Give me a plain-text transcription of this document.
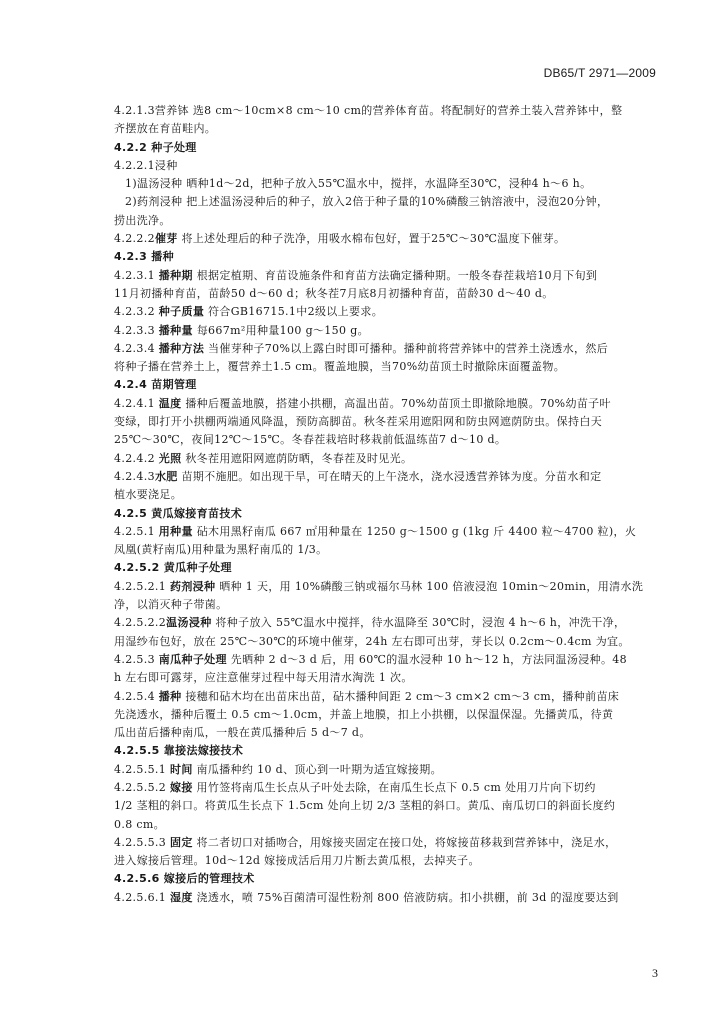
DB65/T 2971—2009

4.2.1.3营养钵 选8 cm～10cm×8 cm～10 cm的营养体育苗。将配制好的营养土装入营养钵中，整

齐摆放在育苗畦内。

4.2.2 种子处理

4.2.2.1浸种

1)温汤浸种 晒种1d～2d，把种子放入55℃温水中，搅拌，水温降至30℃，浸种4 h～6 h。

2)药剂浸种 把上述温汤浸种后的种子，放入2倍于种子量的10%磷酸三钠溶液中，浸泡20分钟，

捞出洗净。

4.2.2.2催芽 将上述处理后的种子洗净，用吸水棉布包好，置于25℃～30℃温度下催芽。

4.2.3 播种

4.2.3.1 播种期 根据定植期、育苗设施条件和育苗方法确定播种期。一般冬春茬栽培10月下旬到

11月初播种育苗，苗龄50 d～60 d；秋冬茬7月底8月初播种育苗，苗龄30 d～40 d。

4.2.3.2 种子质量 符合GB16715.1中2级以上要求。

4.2.3.3 播种量 每667m²用种量100 g～150 g。

4.2.3.4 播种方法 当催芽种子70%以上露白时即可播种。播种前将营养钵中的营养土浇透水，然后

将种子播在营养土上，覆营养土1.5 cm。覆盖地膜，当70%幼苗顶土时撤除床面覆盖物。

4.2.4 苗期管理

4.2.4.1 温度 播种后覆盖地膜，搭建小拱棚，高温出苗。70%幼苗顶土即撤除地膜。70%幼苗子叶

变绿，即打开小拱棚两端通风降温，预防高脚苗。秋冬茬采用遮阳网和防虫网遮荫防虫。保持白天

25℃～30℃，夜间12℃～15℃。冬春茬栽培时移栽前低温练苗7 d～10 d。

4.2.4.2 光照 秋冬茬用遮阳网遮荫防晒，冬春茬及时见光。

4.2.4.3水肥 苗期不施肥。如出现干旱，可在晴天的上午浇水，浇水浸透营养钵为度。分苗水和定

植水要浇足。

4.2.5 黄瓜嫁接育苗技术

4.2.5.1 用种量 砧木用黑籽南瓜 667 ㎡用种量在 1250 g～1500 g (1kg 斤 4400 粒～4700 粒)，火

凤凰(黄籽南瓜)用种量为黑籽南瓜的 1/3。

4.2.5.2 黄瓜种子处理

4.2.5.2.1 药剂浸种 晒种 1 天，用 10%磷酸三钠或福尔马林 100 倍液浸泡 10min～20min，用清水洗

净，以消灭种子带菌。

4.2.5.2.2温汤浸种 将种子放入 55℃温水中搅拌，待水温降至 30℃时，浸泡 4 h～6 h，冲洗干净，

用湿纱布包好，放在 25℃～30℃的环境中催芽，24h 左右即可出芽，芽长以 0.2cm～0.4cm 为宜。

4.2.5.3 南瓜种子处理 先晒种 2 d～3 d 后，用 60℃的温水浸种 10 h～12 h，方法同温汤浸种。48

h 左右即可露芽，应注意催芽过程中每天用清水淘洗 1 次。

4.2.5.4 播种 接穗和砧木均在出苗床出苗，砧木播种间距 2 cm～3 cm×2 cm～3 cm，播种前苗床

先浇透水，播种后覆土 0.5 cm～1.0cm，并盖上地膜，扣上小拱棚，以保温保湿。先播黄瓜，待黄

瓜出苗后播种南瓜，一般在黄瓜播种后 5 d～7 d。

4.2.5.5 靠接法嫁接技术

4.2.5.5.1 时间 南瓜播种约 10 d、顶心到一叶期为适宜嫁接期。

4.2.5.5.2 嫁接 用竹签将南瓜生长点从子叶处去除，在南瓜生长点下 0.5 cm 处用刀片向下切约

1/2 茎粗的斜口。将黄瓜生长点下 1.5cm 处向上切 2/3 茎粗的斜口。黄瓜、南瓜切口的斜面长度约

0.8 cm。

4.2.5.5.3 固定 将二者切口对插吻合，用嫁接夹固定在接口处，将嫁接苗移栽到营养钵中，浇足水，

进入嫁接后管理。10d～12d 嫁接成活后用刀片断去黄瓜根，去掉夹子。

4.2.5.6 嫁接后的管理技术

4.2.5.6.1 湿度 浇透水，喷 75%百菌清可湿性粉剂 800 倍液防病。扣小拱棚，前 3d 的湿度要达到

3
